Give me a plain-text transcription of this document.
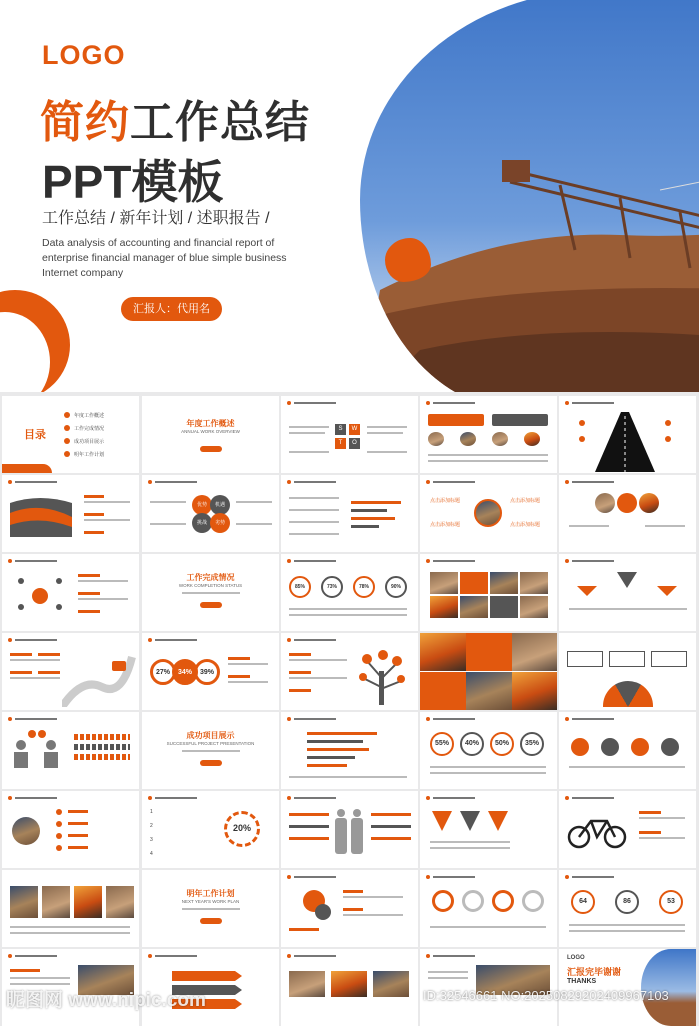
LOGO
简约工作总结
PPT模板
工作总结 / 新年计划 / 述职报告 /
Data analysis of accounting and financial report of enterprise financial manager of blue simple business Internet company
汇报人：代用名
目录
年度工作概述
工作完成情况
成功项目展示
明年工作计划
年度工作概述
ANNUAL WORK OVERVIEW	S	W
T	O
优势	机遇
挑战	劣势
点击添加标题	点击添加标题
点击添加标题	点击添加标题
工作完成情况
WORK COMPLETION STATUS	85%	73%	78%	90%
27%	34%	39%
成功项目展示
SUCCESSFUL PROJECT PRESENTATION	55%	40%	50%	35%
1
2
3
4
20%
明年工作计划
NEXT YEAR'S WORK PLAN	64	86	53
LOGO
汇报完毕谢谢
THANKS
昵图网 www.nipic.com	ID:32546661 NO:20250829202409967103
